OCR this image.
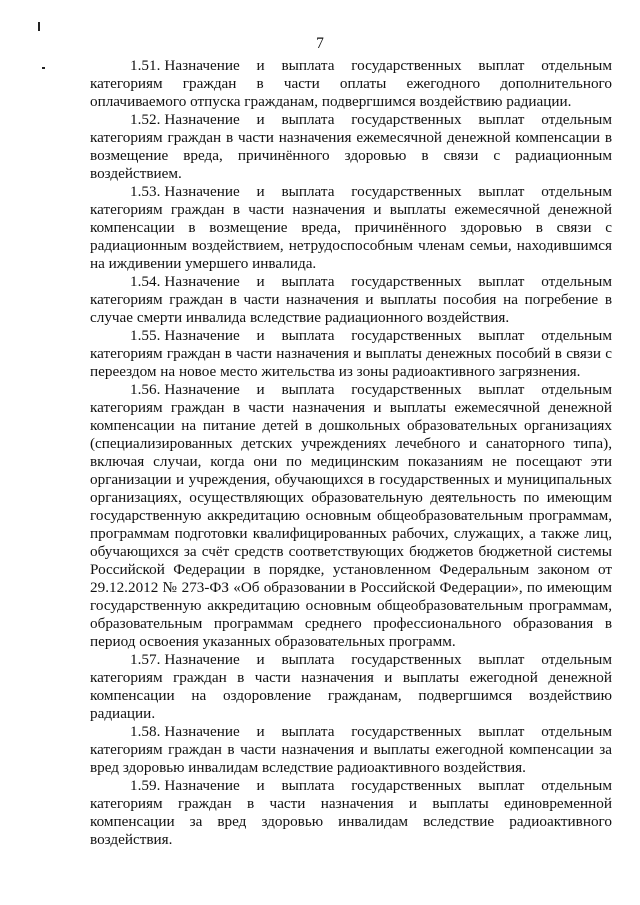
7

1.51. Назначение и выплата государственных выплат отдельным категориям граждан в части оплаты ежегодного дополнительного оплачиваемого отпуска гражданам, подвергшимся воздействию радиации.

1.52. Назначение и выплата государственных выплат отдельным категориям граждан в части назначения ежемесячной денежной компенсации в возмещение вреда, причинённого здоровью в связи с радиационным воздействием.

1.53. Назначение и выплата государственных выплат отдельным категориям граждан в части назначения и выплаты ежемесячной денежной компенсации в возмещение вреда, причинённого здоровью в связи с радиационным воздействием, нетрудоспособным членам семьи, находившимся на иждивении умершего инвалида.

1.54. Назначение и выплата государственных выплат отдельным категориям граждан в части назначения и выплаты пособия на погребение в случае смерти инвалида вследствие радиационного воздействия.

1.55. Назначение и выплата государственных выплат отдельным категориям граждан в части назначения и выплаты денежных пособий в связи с переездом на новое место жительства из зоны радиоактивного загрязнения.

1.56. Назначение и выплата государственных выплат отдельным категориям граждан в части назначения и выплаты ежемесячной денежной компенсации на питание детей в дошкольных образовательных организациях (специализированных детских учреждениях лечебного и санаторного типа), включая случаи, когда они по медицинским показаниям не посещают эти организации и учреждения, обучающихся в государственных и муниципальных организациях, осуществляющих образовательную деятельность по имеющим государственную аккредитацию основным общеобразовательным программам, программам подготовки квалифицированных рабочих, служащих, а также лиц, обучающихся за счёт средств соответствующих бюджетов бюджетной системы Российской Федерации в порядке, установленном Федеральным законом от 29.12.2012 № 273-ФЗ «Об образовании в Российской Федерации», по имеющим государственную аккредитацию основным общеобразовательным программам, образовательным программам среднего профессионального образования в период освоения указанных образовательных программ.

1.57. Назначение и выплата государственных выплат отдельным категориям граждан в части назначения и выплаты ежегодной денежной компенсации на оздоровление гражданам, подвергшимся воздействию радиации.

1.58. Назначение и выплата государственных выплат отдельным категориям граждан в части назначения и выплаты ежегодной компенсации за вред здоровью инвалидам вследствие радиоактивного воздействия.

1.59. Назначение и выплата государственных выплат отдельным категориям граждан в части назначения и выплаты единовременной компенсации за вред здоровью инвалидам вследствие радиоактивного воздействия.
